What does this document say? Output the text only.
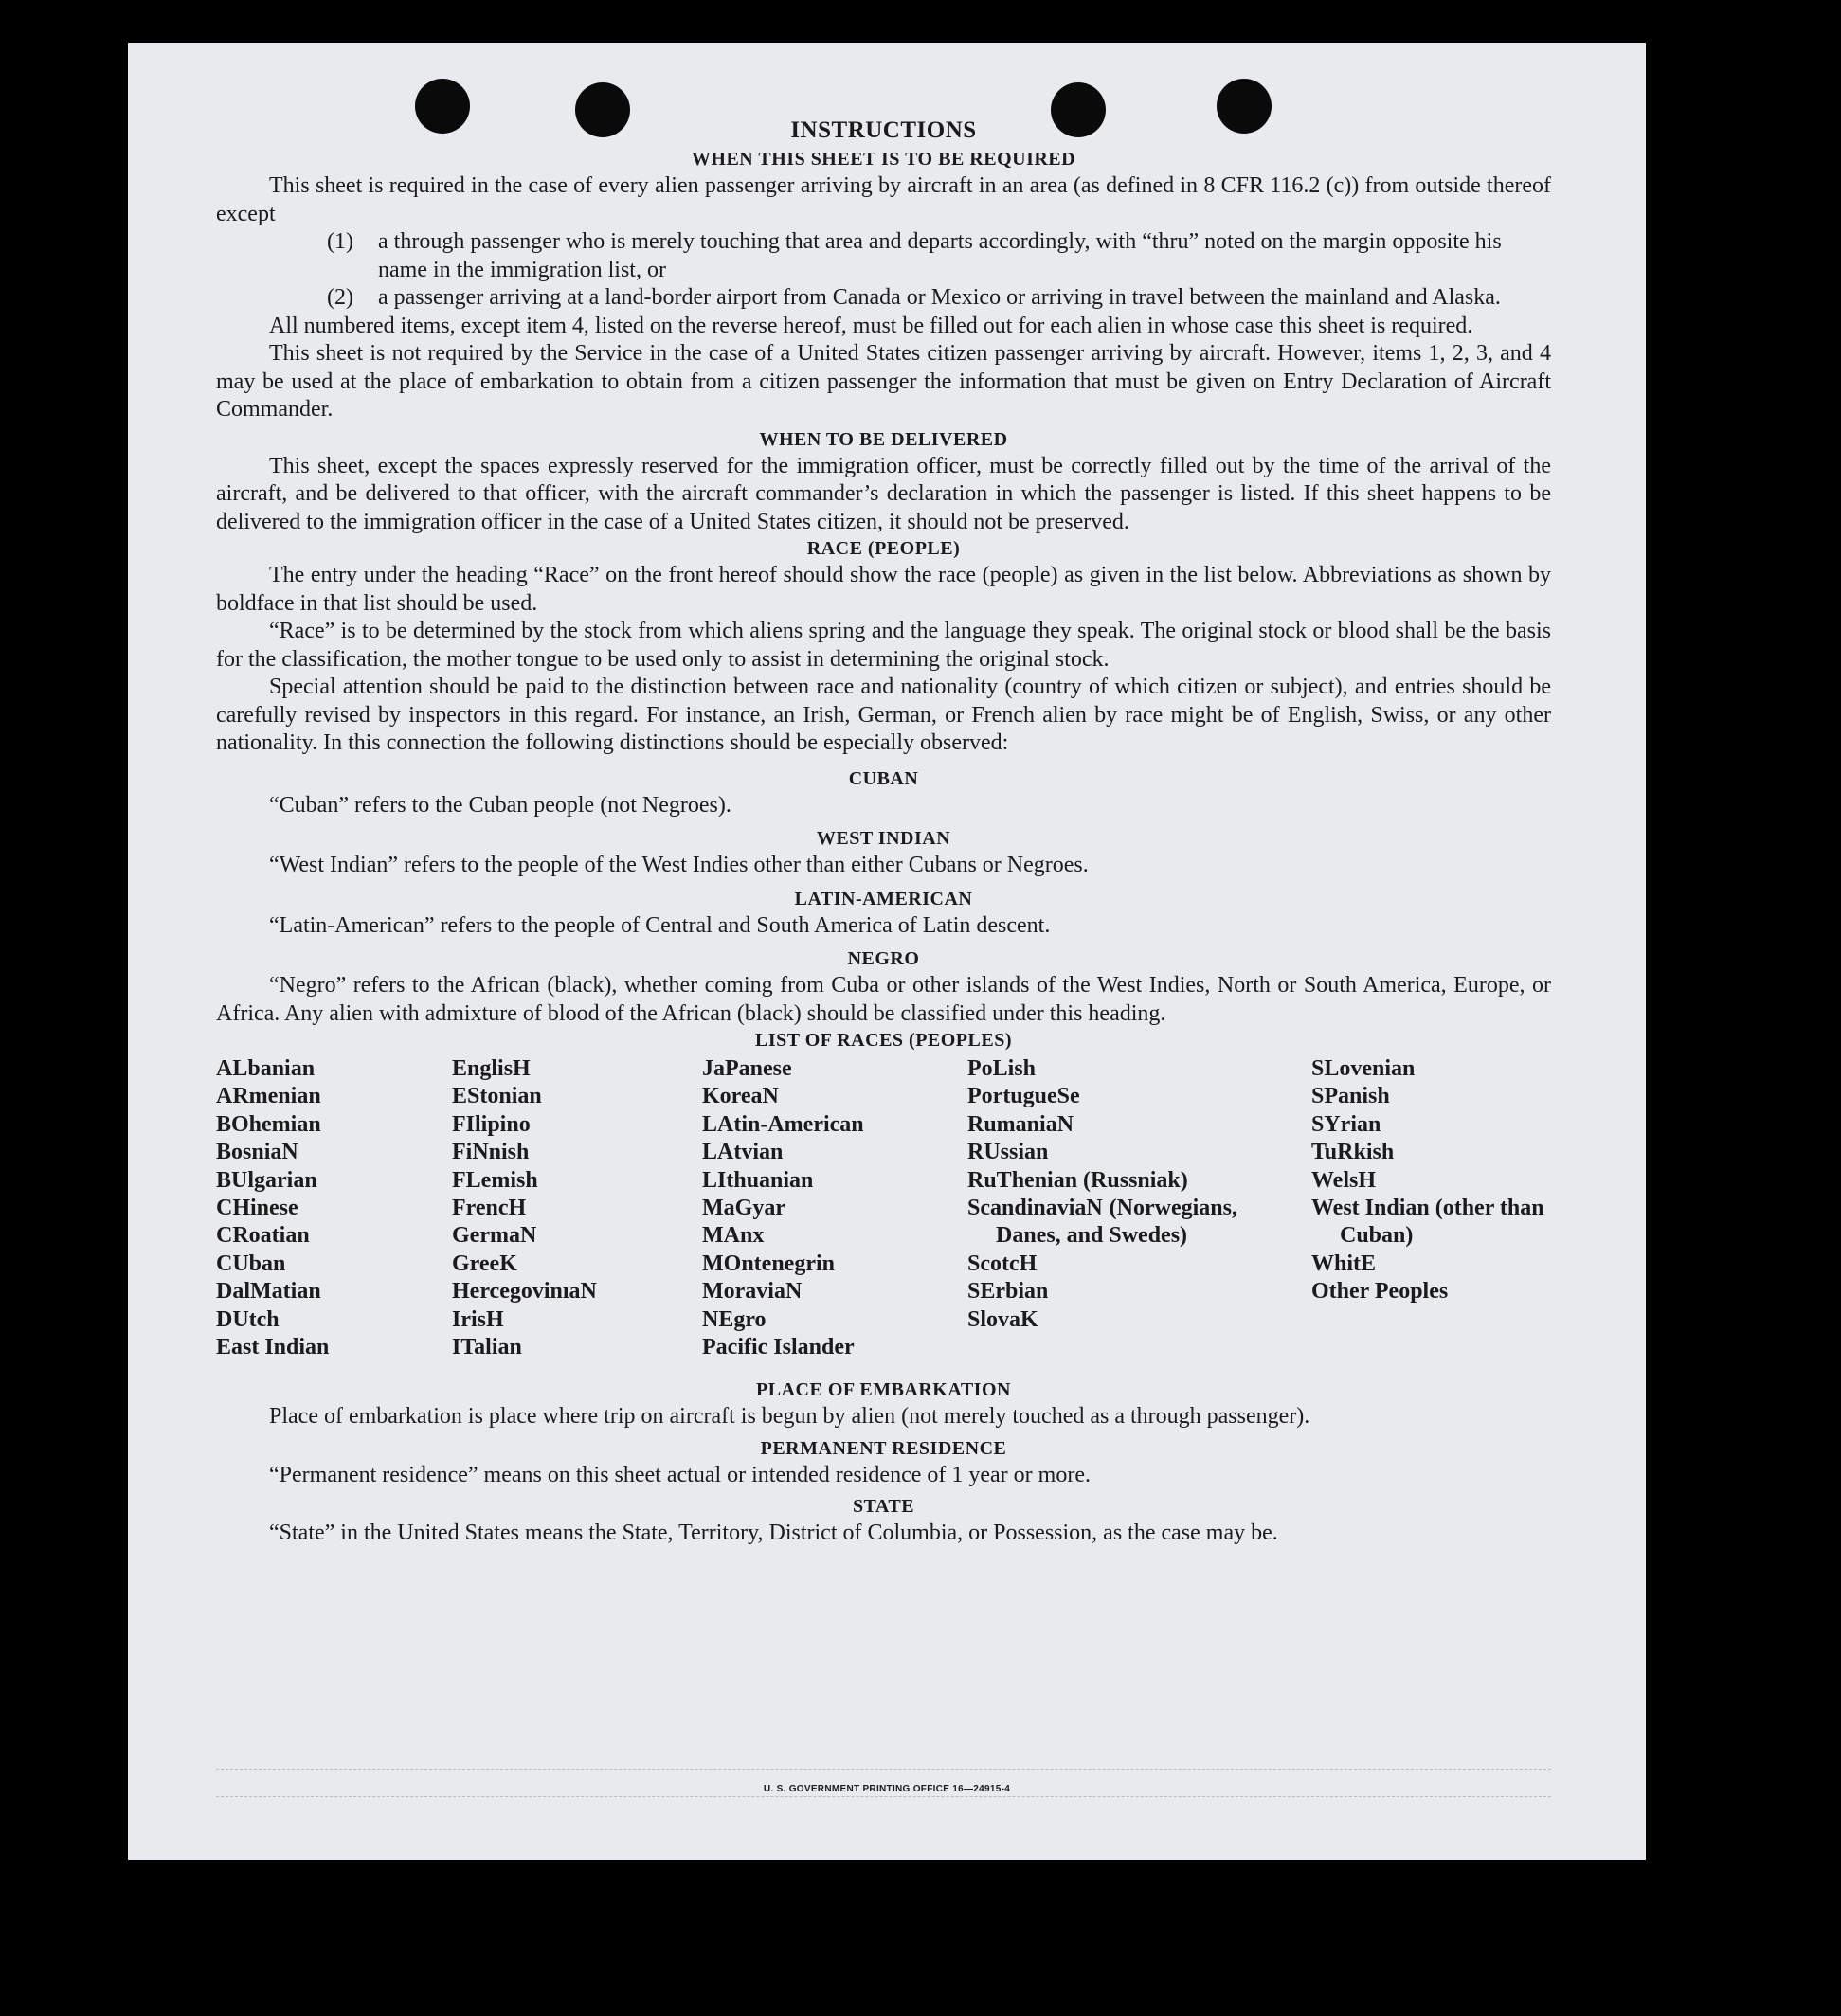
INSTRUCTIONS
WHEN THIS SHEET IS TO BE REQUIRED

This sheet is required in the case of every alien passenger arriving by aircraft in an area (as defined in 8 CFR 116.2 (c)) from outside thereof except

(1)	a through passenger who is merely touching that area and departs accordingly, with “thru” noted on the margin opposite his name in the immigration list, or
(2)	a passenger arriving at a land-border airport from Canada or Mexico or arriving in travel between the mainland and Alaska.

All numbered items, except item 4, listed on the reverse hereof, must be filled out for each alien in whose case this sheet is required.

This sheet is not required by the Service in the case of a United States citizen passenger arriving by aircraft. However, items 1, 2, 3, and 4 may be used at the place of embarkation to obtain from a citizen passenger the information that must be given on Entry Declaration of Aircraft Commander.

WHEN TO BE DELIVERED

This sheet, except the spaces expressly reserved for the immigration officer, must be correctly filled out by the time of the arrival of the aircraft, and be delivered to that officer, with the aircraft commander’s declaration in which the passenger is listed. If this sheet happens to be delivered to the immigration officer in the case of a United States citizen, it should not be preserved.

RACE (PEOPLE)

The entry under the heading “Race” on the front hereof should show the race (people) as given in the list below. Abbreviations as shown by boldface in that list should be used.

“Race” is to be determined by the stock from which aliens spring and the language they speak. The original stock or blood shall be the basis for the classification, the mother tongue to be used only to assist in determining the original stock.

Special attention should be paid to the distinction between race and nationality (country of which citizen or subject), and entries should be carefully revised by inspectors in this regard. For instance, an Irish, German, or French alien by race might be of English, Swiss, or any other nationality. In this connection the following distinctions should be especially observed:

CUBAN

“Cuban” refers to the Cuban people (not Negroes).

WEST INDIAN

“West Indian” refers to the people of the West Indies other than either Cubans or Negroes.

LATIN-AMERICAN

“Latin-American” refers to the people of Central and South America of Latin descent.

NEGRO

“Negro” refers to the African (black), whether coming from Cuba or other islands of the West Indies, North or South America, Europe, or Africa. Any alien with admixture of blood of the African (black) should be classified under this heading.

LIST OF RACES (PEOPLES)
ALbanian
ARmenian
BOhemian
BosniaN
BUlgarian
CHinese
CRoatian
CUban
DalMatian
DUtch
East Indian
EnglisH
EStonian
FIlipino
FiNnish
FLemish
FrencH
GermaN
GreeK
HercegovinıaN
IrisH
ITalian
JaPanese
KoreaN
LAtin-American
LAtvian
LIthuanian
MaGyar
MAnx
MOntenegrin
MoraviaN
NEgro
Pacific Islander
PoLish
PortugueSe
RumaniaN
RUssian
RuThenian (Russniak)
ScandinaviaN (Norwegians, Danes, and Swedes)
ScotcH
SErbian
SlovaK
SLovenian
SPanish
SYrian
TuRkish
WelsH
West Indian (other than Cuban)
WhitE
Other Peoples
PLACE OF EMBARKATION

Place of embarkation is place where trip on aircraft is begun by alien (not merely touched as a through passenger).

PERMANENT RESIDENCE

“Permanent residence” means on this sheet actual or intended residence of 1 year or more.

STATE

“State” in the United States means the State, Territory, District of Columbia, or Possession, as the case may be.

U. S. GOVERNMENT PRINTING OFFICE 16—24915-4
